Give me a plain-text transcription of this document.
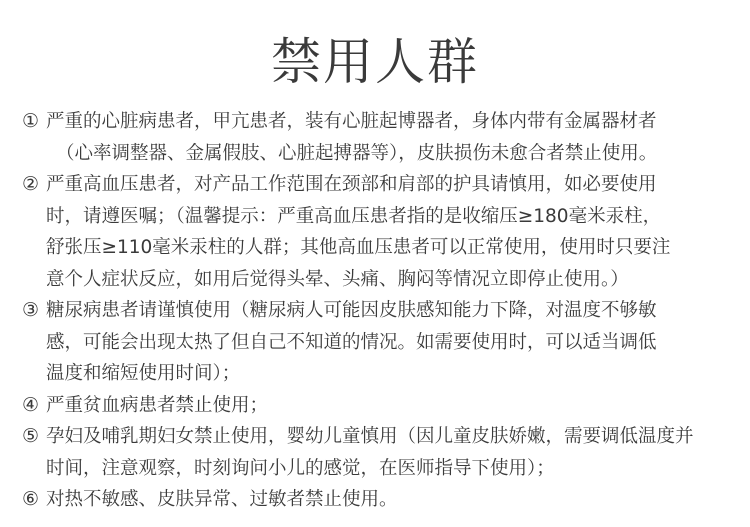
禁用人群
① 严重的心脏病患者，甲亢患者，装有心脏起博器者，身体内带有金属器材者
（心率调整器、金属假肢、心脏起搏器等），皮肤损伤未愈合者禁止使用。
② 严重高血压患者，对产品工作范围在颈部和肩部的护具请慎用，如必要使用
时，请遵医嘱；（温馨提示：严重高血压患者指的是收缩压≥180毫米汞柱，
舒张压≥110毫米汞柱的人群；其他高血压患者可以正常使用，使用时只要注
意个人症状反应，如用后觉得头晕、头痛、胸闷等情况立即停止使用。）
③ 糖尿病患者请谨慎使用（糖尿病人可能因皮肤感知能力下降，对温度不够敏
感，可能会出现太热了但自己不知道的情况。如需要使用时，可以适当调低
温度和缩短使用时间）；
④ 严重贫血病患者禁止使用；
⑤ 孕妇及哺乳期妇女禁止使用，婴幼儿童慎用（因儿童皮肤娇嫩，需要调低温度并
时间，注意观察，时刻询问小儿的感觉，在医师指导下使用）；
⑥ 对热不敏感、皮肤异常、过敏者禁止使用。
